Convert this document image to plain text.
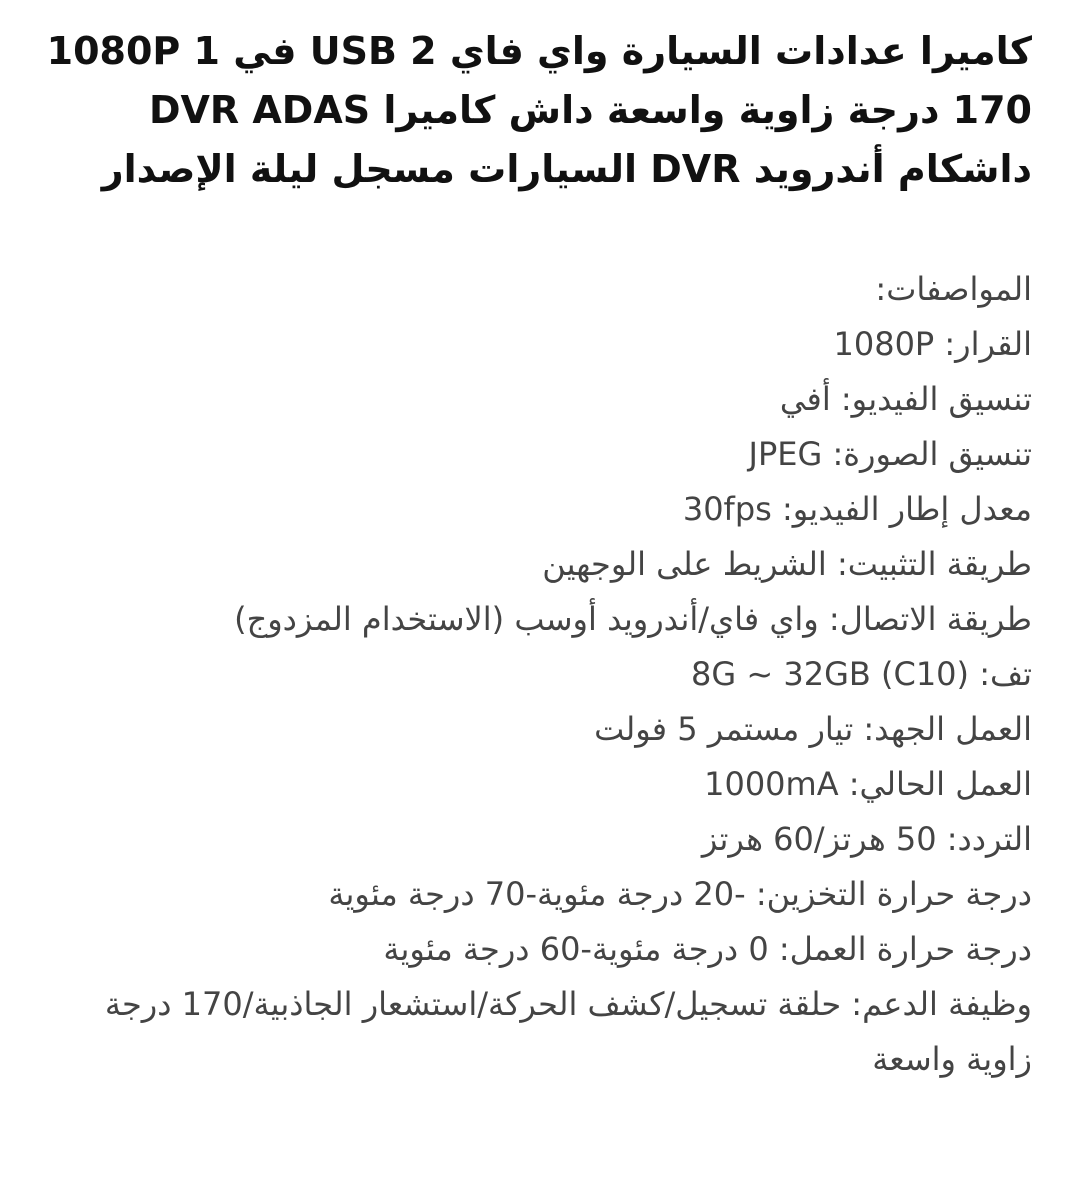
كاميرا عدادات السيارة واي فاي USB 2 في 1 1080P 170 درجة زاوية واسعة داش كاميرا DVR ADAS داشكام أندرويد DVR السيارات مسجل ليلة الإصدار
المواصفات:
القرار: 1080P
تنسيق الفيديو: أفي
تنسيق الصورة: JPEG
معدل إطار الفيديو: 30fps
طريقة التثبيت: الشريط على الوجهين
طريقة الاتصال: واي فاي/أندرويد أوسب (الاستخدام المزدوج)
تف: 8G ~ 32GB (C10)
العمل الجهد: تيار مستمر 5 فولت
العمل الحالي: 1000mA
التردد: 50 هرتز/60 هرتز
درجة حرارة التخزين: -20 درجة مئوية-70 درجة مئوية
درجة حرارة العمل: 0 درجة مئوية-60 درجة مئوية
وظيفة الدعم: حلقة تسجيل/كشف الحركة/استشعار الجاذبية/170 درجة زاوية واسعة
